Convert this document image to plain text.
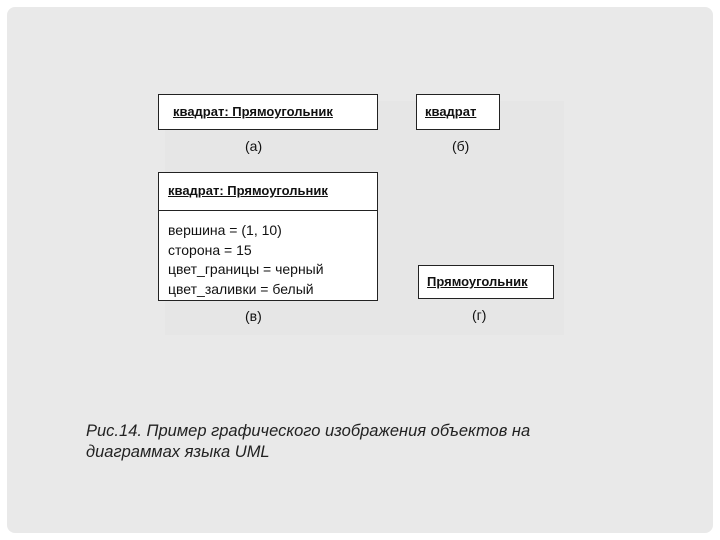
квадрат: Прямоугольник
(а)
квадрат
(б)
квадрат: Прямоугольник
вершина = (1, 10)
сторона = 15
цвет_границы = черный
цвет_заливки = белый
(в)
Прямоугольник
(г)
Рис.14. Пример графического изображения объектов на
диаграммах языка UML
